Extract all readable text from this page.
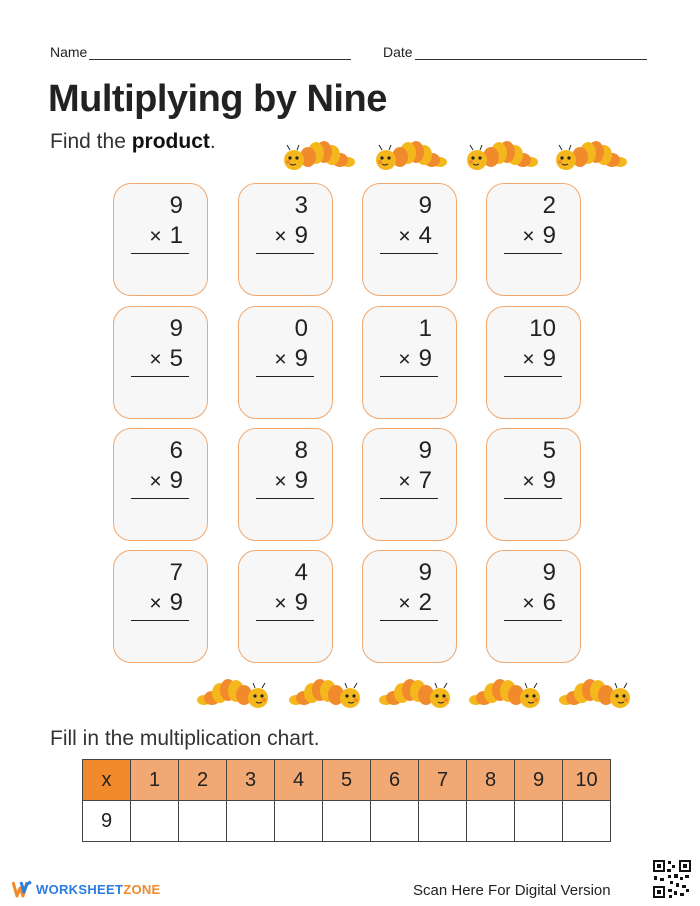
Name	Date
Multiplying by Nine
Find the product.
9
× 1
3
× 9
9
× 4
2
× 9
9
× 5
0
× 9
1
× 9
10
× 9
6
× 9
8
× 9
9
× 7
5
× 9
7
× 9
4
× 9
9
× 2
9
× 6
Fill in the multiplication chart.
x	1	2	3	4	5	6	7	8	9	10
9										
WORKSHEETZONE	Scan Here For Digital Version
